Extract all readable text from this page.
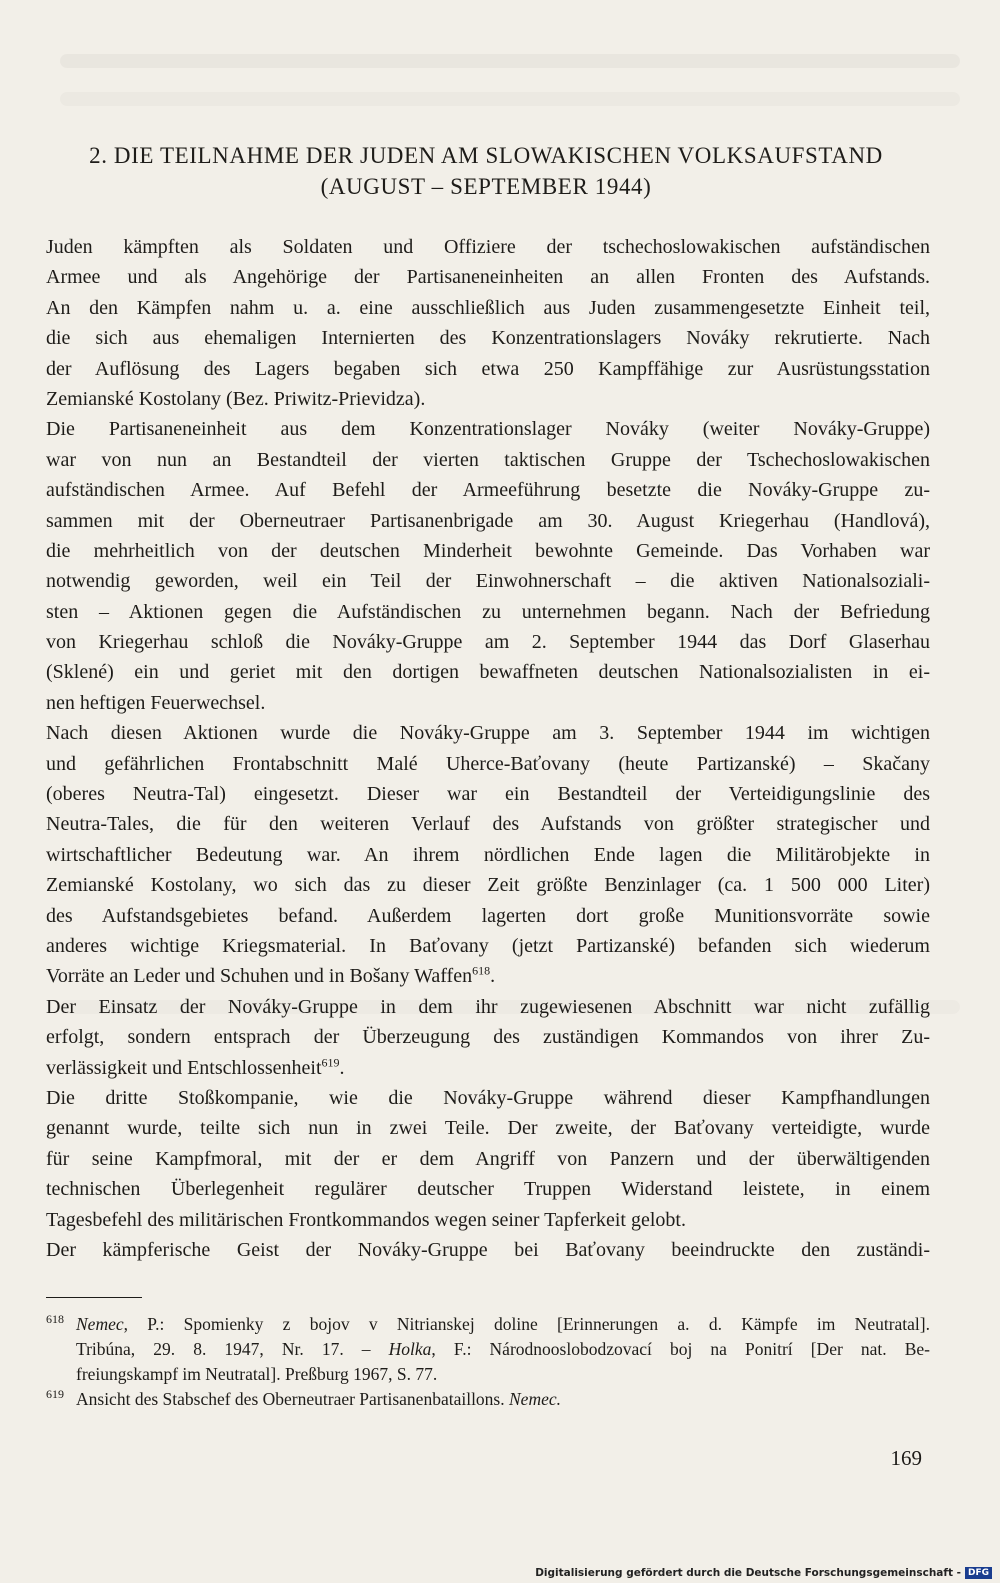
2. DIE TEILNAHME DER JUDEN AM SLOWAKISCHEN VOLKSAUFSTAND
(AUGUST – SEPTEMBER 1944)
Juden kämpften als Soldaten und Offiziere der tschechoslowakischen aufständischen
Armee und als Angehörige der Partisaneneinheiten an allen Fronten des Aufstands.
An den Kämpfen nahm u. a. eine ausschließlich aus Juden zusammengesetzte Einheit teil,
die sich aus ehemaligen Internierten des Konzentrationslagers Nováky rekrutierte. Nach
der Auflösung des Lagers begaben sich etwa 250 Kampffähige zur Ausrüstungsstation
Zemianské Kostolany (Bez. Priwitz-Prievidza).
Die Partisaneneinheit aus dem Konzentrationslager Nováky (weiter Nováky-Gruppe)
war von nun an Bestandteil der vierten taktischen Gruppe der Tschechoslowakischen
aufständischen Armee. Auf Befehl der Armeeführung besetzte die Nováky-Gruppe zu-
sammen mit der Oberneutraer Partisanenbrigade am 30. August Kriegerhau (Handlová),
die mehrheitlich von der deutschen Minderheit bewohnte Gemeinde. Das Vorhaben war
notwendig geworden, weil ein Teil der Einwohnerschaft – die aktiven Nationalsoziali-
sten – Aktionen gegen die Aufständischen zu unternehmen begann. Nach der Befriedung
von Kriegerhau schloß die Nováky-Gruppe am 2. September 1944 das Dorf Glaserhau
(Sklené) ein und geriet mit den dortigen bewaffneten deutschen Nationalsozialisten in ei-
nen heftigen Feuerwechsel.
Nach diesen Aktionen wurde die Nováky-Gruppe am 3. September 1944 im wichtigen
und gefährlichen Frontabschnitt Malé Uherce-Baťovany (heute Partizanské) – Skačany
(oberes Neutra-Tal) eingesetzt. Dieser war ein Bestandteil der Verteidigungslinie des
Neutra-Tales, die für den weiteren Verlauf des Aufstands von größter strategischer und
wirtschaftlicher Bedeutung war. An ihrem nördlichen Ende lagen die Militärobjekte in
Zemianské Kostolany, wo sich das zu dieser Zeit größte Benzinlager (ca. 1 500 000 Liter)
des Aufstandsgebietes befand. Außerdem lagerten dort große Munitionsvorräte sowie
anderes wichtige Kriegsmaterial. In Baťovany (jetzt Partizanské) befanden sich wiederum
Vorräte an Leder und Schuhen und in Bošany Waffen$^{618}$.
Der Einsatz der Nováky-Gruppe in dem ihr zugewiesenen Abschnitt war nicht zufällig
erfolgt, sondern entsprach der Überzeugung des zuständigen Kommandos von ihrer Zu-
verlässigkeit und Entschlossenheit$^{619}$.
Die dritte Stoßkompanie, wie die Nováky-Gruppe während dieser Kampfhandlungen
genannt wurde, teilte sich nun in zwei Teile. Der zweite, der Baťovany verteidigte, wurde
für seine Kampfmoral, mit der er dem Angriff von Panzern und der überwältigenden
technischen Überlegenheit regulärer deutscher Truppen Widerstand leistete, in einem
Tagesbefehl des militärischen Frontkommandos wegen seiner Tapferkeit gelobt.
Der kämpferische Geist der Nováky-Gruppe bei Baťovany beeindruckte den zuständi-
618 Nemec, P.: Spomienky z bojov v Nitrianskej doline [Erinnerungen a. d. Kämpfe im Neutratal].
Tribúna, 29. 8. 1947, Nr. 17. – Holka, F.: Národnooslobodzovací boj na Ponitrí [Der nat. Be-
freiungskampf im Neutratal]. Preßburg 1967, S. 77.
619 Ansicht des Stabschef des Oberneutraer Partisanenbataillons. Nemec.
169
Digitalisierung gefördert durch die Deutsche Forschungsgemeinschaft - DFG
